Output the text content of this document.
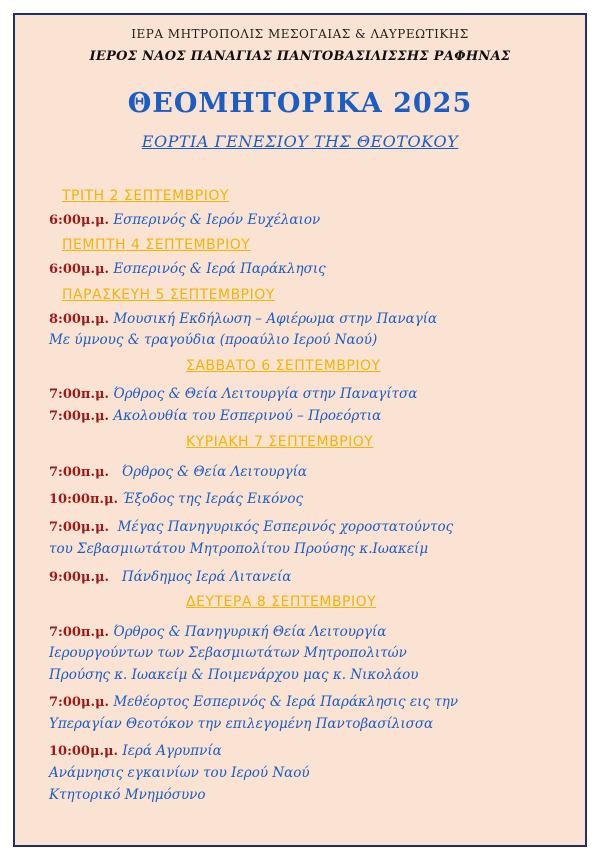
ΙΕΡΑ ΜΗΤΡΟΠΟΛΙΣ ΜΕΣΟΓΑΙΑΣ & ΛΑΥΡΕΩΤΙΚΗΣ
ΙΕΡΟΣ ΝΑΟΣ ΠΑΝΑΓΙΑΣ ΠΑΝΤΟΒΑΣΙΛΙΣΣΗΣ ΡΑΦΗΝΑΣ
ΘΕΟΜΗΤΟΡΙΚΑ 2025
ΕΟΡΤΙΑ ΓΕΝΕΣΙΟΥ ΤΗΣ ΘΕΟΤΟΚΟΥ
ΤΡΙΤΗ 2 ΣΕΠΤΕΜΒΡΙΟΥ
ΠΕΜΠΤΗ 4 ΣΕΠΤΕΜΒΡΙΟΥ
ΠΑΡΑΣΚΕΥΗ 5 ΣΕΠΤΕΜΒΡΙΟΥ
ΣΑΒΒΑΤΟ 6 ΣΕΠΤΕΜΒΡΙΟΥ
ΚΥΡΙΑΚΗ 7 ΣΕΠΤΕΜΒΡΙΟΥ
ΔΕΥΤΕΡΑ 8 ΣΕΠΤΕΜΒΡΙΟΥ
6:00μ.μ. Εσπερινός & Ιερόν Ευχέλαιον
6:00μ.μ. Εσπερινός & Ιερά Παράκλησις
8:00μ.μ. Μουσική Εκδήλωση – Αφιέρωμα στην Παναγία
Με ύμνους & τραγούδια (προαύλιο Ιερού Ναού)
7:00π.μ. Όρθρος & Θεία Λειτουργία στην Παναγίτσα
7:00μ.μ. Ακολουθία του Εσπερινού – Προεόρτια
7:00π.μ. Όρθρος & Θεία Λειτουργία
10:00π.μ. Έξοδος της Ιεράς Εικόνος
7:00μ.μ. Μέγας Πανηγυρικός Εσπερινός χοροστατούντος
του Σεβασμιωτάτου Μητροπολίτου Προύσης κ.Ιωακείμ
9:00μ.μ. Πάνδημος Ιερά Λιτανεία
7:00π.μ. Όρθρος & Πανηγυρική Θεία Λειτουργία
Ιερουργούντων των Σεβασμιωτάτων Μητροπολιτών
Προύσης κ. Ιωακείμ & Ποιμενάρχου μας κ. Νικολάου
7:00μ.μ. Μεθέορτος Εσπερινός & Ιερά Παράκλησις εις την
Υπεραγίαν Θεοτόκον την επιλεγομένη Παντοβασίλισσα
10:00μ.μ. Ιερά Αγρυπνία
Ανάμνησις εγκαινίων του Ιερού Ναού
Κτητορικό Μνημόσυνο
